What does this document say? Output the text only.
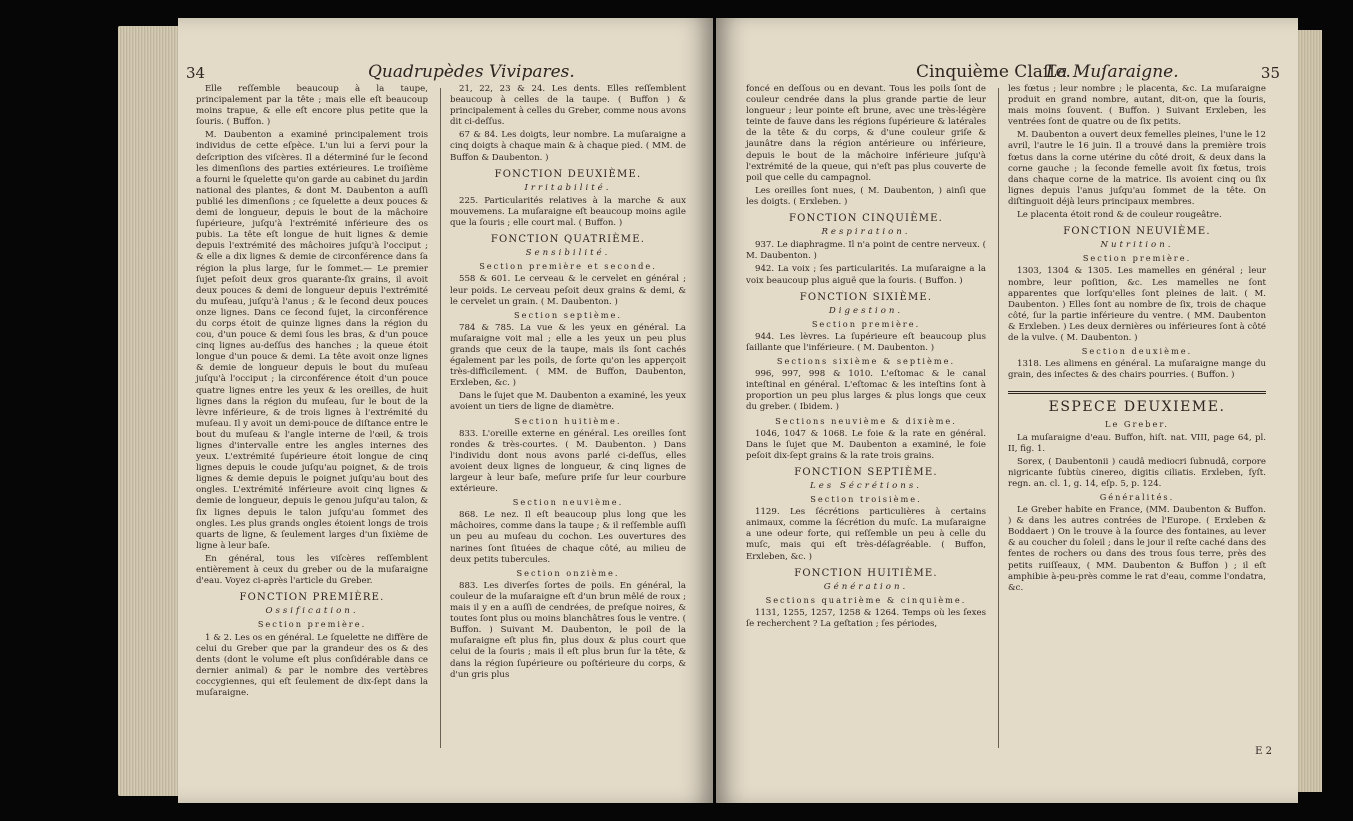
34	Quadrupèdes Vivipares.

Elle reſſemble beaucoup à la taupe, principalement par la tête ; mais elle eſt beaucoup moins trapue, & elle eſt encore plus petite que la ſouris. ( Buffon. )

M. Daubenton a examiné principalement trois individus de cette eſpèce. L'un lui a ſervi pour la deſcription des viſcères. Il a déterminé ſur le ſecond les dimenſions des parties extérieures. Le troiſième a fourni le ſquelette qu'on garde au cabinet du jardin national des plantes, & dont M. Daubenton a auſſi publié les dimenſions ; ce ſquelette a deux pouces & demi de longueur, depuis le bout de la mâchoire ſupérieure, juſqu'à l'extrémité inférieure des os pubis. La tête eſt longue de huit lignes & demie depuis l'extrémité des mâchoires juſqu'à l'occiput ; & elle a dix lignes & demie de circonférence dans ſa région la plus large, ſur le ſommet.— Le premier ſujet peſoit deux gros quarante-ſix grains, il avoit deux pouces & demi de longueur depuis l'extrémité du muſeau, juſqu'à l'anus ; & le ſecond deux pouces onze lignes. Dans ce ſecond ſujet, la circonférence du corps étoit de quinze lignes dans la région du cou, d'un pouce & demi ſous les bras, & d'un pouce cinq lignes au-deſſus des hanches ; la queue étoit longue d'un pouce & demi. La tête avoit onze lignes & demie de longueur depuis le bout du muſeau juſqu'à l'occiput ; la circonférence étoit d'un pouce quatre lignes entre les yeux & les oreilles, de huit lignes dans la région du muſeau, ſur le bout de la lèvre inférieure, & de trois lignes à l'extrémité du muſeau. Il y avoit un demi-pouce de diſtance entre le bout du muſeau & l'angle interne de l'œil, & trois lignes d'intervalle entre les angles internes des yeux. L'extrémité ſupérieure étoit longue de cinq lignes depuis le coude juſqu'au poignet, & de trois lignes & demie depuis le poignet juſqu'au bout des ongles. L'extrémité inférieure avoit cinq lignes & demie de longueur, depuis le genou juſqu'au talon, & ſix lignes depuis le talon juſqu'au ſommet des ongles. Les plus grands ongles étoient longs de trois quarts de ligne, & ſeulement larges d'un ſixième de ligne à leur baſe.

En général, tous les viſcères reſſemblent entièrement à ceux du greber ou de la muſaraigne d'eau. Voyez ci-après l'article du Greber.

FONCTION PREMIÈRE.
Ossification.
Section première.

1 & 2. Les os en général. Le ſquelette ne diffère de celui du Greber que par la grandeur des os & des dents (dont le volume eſt plus conſidérable dans ce dernier animal) & par le nombre des vertèbres coccygiennes, qui eſt ſeulement de dix-ſept dans la muſaraigne.

21, 22, 23 & 24. Les dents. Elles reſſemblent beaucoup à celles de la taupe. ( Buffon ) & principalement à celles du Greber, comme nous avons dit ci-deſſus.

67 & 84. Les doigts, leur nombre. La muſaraigne a cinq doigts à chaque main & à chaque pied. ( MM. de Buffon & Daubenton. )

FONCTION DEUXIÈME.
Irritabilité.

225. Particularités relatives à la marche & aux mouvemens. La muſaraigne eſt beaucoup moins agile que la ſouris ; elle court mal. ( Buffon. )

FONCTION QUATRIÈME.
Sensibilité.
Section première et seconde.

558 & 601. Le cerveau & le cervelet en général ; leur poids. Le cerveau peſoit deux grains & demi, & le cervelet un grain. ( M. Daubenton. )

Section septième.

784 & 785. La vue & les yeux en général. La muſaraigne voit mal ; elle a les yeux un peu plus grands que ceux de la taupe, mais ils ſont cachés également par les poils, de ſorte qu'on les apperçoit très-difficilement. ( MM. de Buffon, Daubenton, Erxleben, &c. )

Dans le ſujet que M. Daubenton a examiné, les yeux avoient un tiers de ligne de diamètre.

Section huitième.

833. L'oreille externe en général. Les oreilles ſont rondes & très-courtes. ( M. Daubenton. ) Dans l'individu dont nous avons parlé ci-deſſus, elles avoient deux lignes de longueur, & cinq lignes de largeur à leur baſe, meſure priſe ſur leur courbure extérieure.

Section neuvième.

868. Le nez. Il eſt beaucoup plus long que les mâchoires, comme dans la taupe ; & il reſſemble auſſi un peu au muſeau du cochon. Les ouvertures des narines ſont ſituées de chaque côté, au milieu de deux petits tubercules.

Section onzième.

883. Les diverſes ſortes de poils. En général, la couleur de la muſaraigne eſt d'un brun mêlé de roux ; mais il y en a auſſi de cendrées, de preſque noires, & toutes ſont plus ou moins blanchâtres ſous le ventre. ( Buffon. ) Suivant M. Daubenton, le poil de la muſaraigne eſt plus fin, plus doux & plus court que celui de la ſouris ; mais il eſt plus brun ſur la tête, & dans la région ſupérieure ou poſtérieure du corps, & d'un gris plus

Cinquième Claſſe.
La Muſaraigne.	35

foncé en deſſous ou en devant. Tous les poils ſont de couleur cendrée dans la plus grande partie de leur longueur ; leur pointe eſt brune, avec une très-légère teinte de fauve dans les régions ſupérieure & latérales de la tête & du corps, & d'une couleur griſe & jaunâtre dans la région antérieure ou inférieure, depuis le bout de la mâchoire inférieure juſqu'à l'extrémité de la queue, qui n'eſt pas plus couverte de poil que celle du campagnol.

Les oreilles ſont nues, ( M. Daubenton, ) ainſi que les doigts. ( Erxleben. )

FONCTION CINQUIÈME.
Respiration.

937. Le diaphragme. Il n'a point de centre nerveux. ( M. Daubenton. )

942. La voix ; ſes particularités. La muſaraigne a la voix beaucoup plus aiguë que la ſouris. ( Buffon. )

FONCTION SIXIÈME.
Digestion.
Section première.

944. Les lèvres. La ſupérieure eſt beaucoup plus ſaillante que l'inférieure. ( M. Daubenton. )

Sections sixième & septième.

996, 997, 998 & 1010. L'eſtomac & le canal inteſtinal en général. L'eſtomac & les inteſtins ſont à proportion un peu plus larges & plus longs que ceux du greber. ( Ibidem. )

Sections neuvième & dixième.

1046, 1047 & 1068. Le foie & la rate en général. Dans le ſujet que M. Daubenton a examiné, le foie peſoit dix-ſept grains & la rate trois grains.

FONCTION SEPTIÈME.
Les Sécrétions.
Section troisième.

1129. Les ſécrétions particulières à certains animaux, comme la ſécrétion du muſc. La muſaraigne a une odeur forte, qui reſſemble un peu à celle du muſc, mais qui eſt très-déſagréable. ( Buffon, Erxleben, &c. )

FONCTION HUITIÈME.
Génération.
Sections quatrième & cinquième.

1131, 1255, 1257, 1258 & 1264. Temps où les ſexes ſe recherchent ? La geſtation ; ſes périodes,

les fœtus ; leur nombre ; le placenta, &c. La muſaraigne produit en grand nombre, autant, dit-on, que la ſouris, mais moins ſouvent. ( Buffon. ) Suivant Erxleben, les ventrées ſont de quatre ou de ſix petits.

M. Daubenton a ouvert deux femelles pleines, l'une le 12 avril, l'autre le 16 juin. Il a trouvé dans la première trois fœtus dans la corne utérine du côté droit, & deux dans la corne gauche ; la ſeconde femelle avoit ſix fœtus, trois dans chaque corne de la matrice. Ils avoient cinq ou ſix lignes depuis l'anus juſqu'au ſommet de la tête. On diſtinguoit déjà leurs principaux membres.

Le placenta étoit rond & de couleur rougeâtre.

FONCTION NEUVIÈME.
Nutrition.
Section première.

1303, 1304 & 1305. Les mamelles en général ; leur nombre, leur poſition, &c. Les mamelles ne ſont apparentes que lorſqu'elles ſont pleines de lait. ( M. Daubenton. ) Elles ſont au nombre de ſix, trois de chaque côté, ſur la partie inférieure du ventre. ( MM. Daubenton & Erxleben. ) Les deux dernières ou inférieures ſont à côté de la vulve. ( M. Daubenton. )

Section deuxième.

1318. Les alimens en général. La muſaraigne mange du grain, des inſectes & des chairs pourries. ( Buffon. )

ESPECE DEUXIEME.
Le Greber.

La muſaraigne d'eau. Buffon, hiſt. nat. VIII, page 64, pl. II, fig. 1.

Sorex, ( Daubentonii ) caudâ mediocri ſubnudâ, corpore nigricante ſubtùs cinereo, digitis ciliatis. Erxleben, ſyſt. regn. an. cl. 1, g. 14, eſp. 5, p. 124.

Généralités.

Le Greber habite en France, (MM. Daubenton & Buffon. ) & dans les autres contrées de l'Europe. ( Erxleben & Boddaert ) On le trouve à la ſource des fontaines, au lever & au coucher du ſoleil ; dans le jour il reſte caché dans des fentes de rochers ou dans des trous ſous terre, près des petits ruiſſeaux, ( MM. Daubenton & Buffon ) ; il eſt amphibie à-peu-près comme le rat d'eau, comme l'ondatra, &c.

E 2
